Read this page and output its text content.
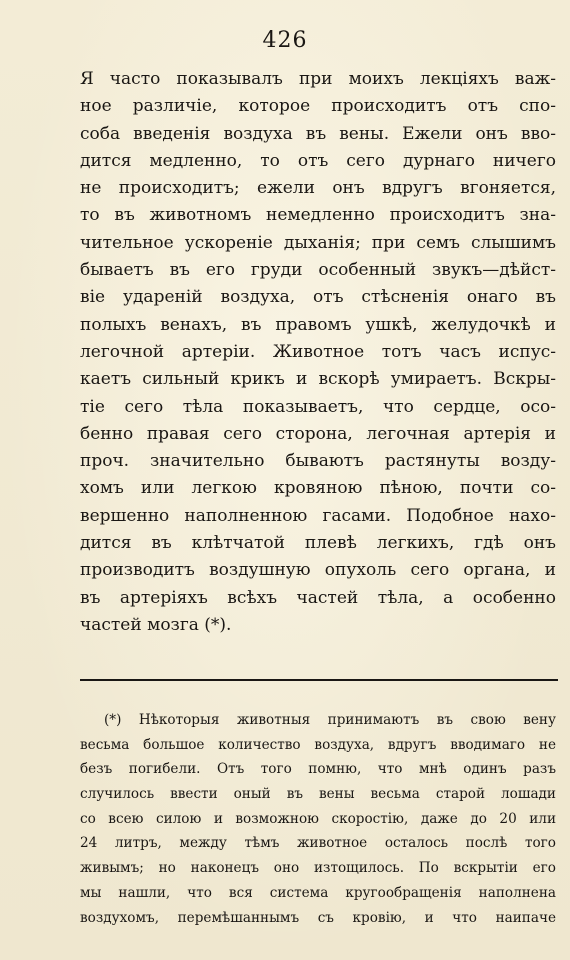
426
Я часто показывалъ при моихъ лекціяхъ важ-
ное различіе, которое происходитъ отъ спо-
соба введенія воздуха въ вены. Ежели онъ вво-
дится медленно, то отъ сего дурнаго ничего
не происходитъ; ежели онъ вдругъ вгоняется,
то въ животномъ немедленно происходитъ зна-
чительное ускореніе дыханія; при семъ слышимъ
бываетъ въ его груди особенный звукъ—дѣйст-
віе ударенiй воздуха, отъ стѣсненія онаго въ
полыхъ венахъ, въ правомъ ушкѣ, желудочкѣ и
легочной артеріи. Животное тотъ часъ испус-
каетъ сильный крикъ и вскорѣ умираетъ. Вскры-
тіе сего тѣла показываетъ, что сердце, осо-
бенно правая сего сторона, легочная артерія и
проч. значительно бываютъ растянуты возду-
хомъ или легкою кровяною пѣною, почти со-
вершенно наполненною гасами. Подобное нахо-
дится въ клѣтчатой плевѣ легкихъ, гдѣ онъ
производитъ воздушную опухоль сего органа, и
въ артеріяхъ всѣхъ частей тѣла, а особенно
частей мозга (*).
(*) Нѣкоторыя животныя принимаютъ въ свою вену
весьма большое количество воздуха, вдругъ вводимаго не
безъ погибели. Отъ того помню, что мнѣ одинъ разъ
случилось ввести оный въ вены весьма старой лошади
со всею силою и возможною скоростію, даже до 20 или
24 литръ, между тѣмъ животное осталось послѣ того
живымъ; но наконецъ оно изтощилось. По вскрытіи его
мы нашли, что вся система кругообращенія наполнена
воздухомъ, перемѣшаннымъ съ кровію, и что наипаче
